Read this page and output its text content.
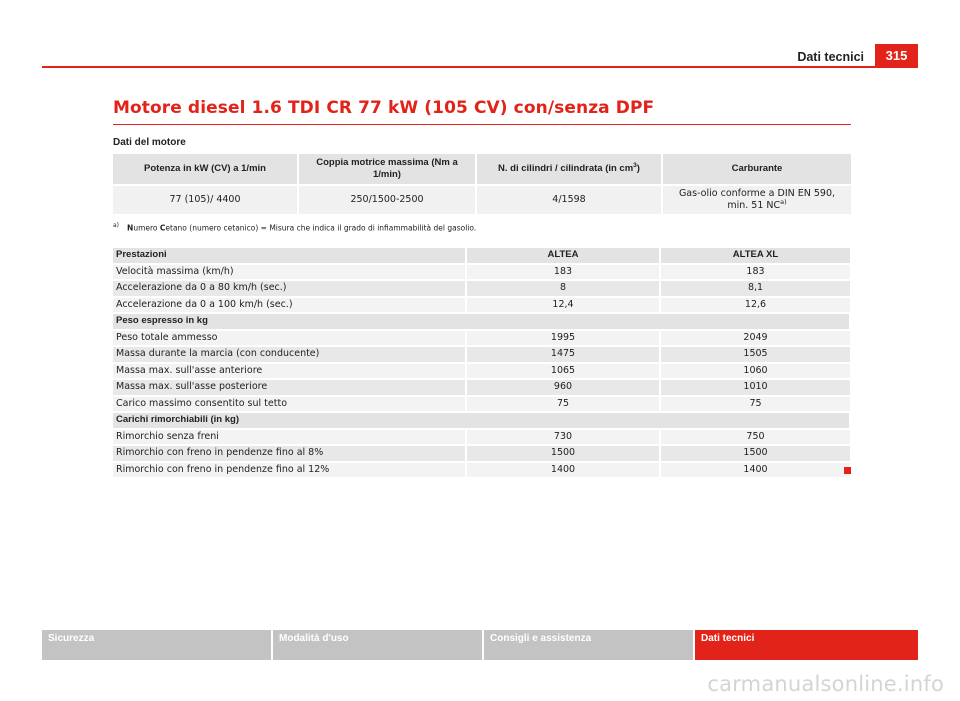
Dati tecnici	315
Motore diesel 1.6 TDI CR 77 kW (105 CV) con/senza DPF
Dati del motore
Potenza in kW (CV) a 1/min	Coppia motrice massima (Nm a 1/min)	N. di cilindri / cilindrata (in $cm^3$)	Carburante

77 (105)/ 4400	250/1500-2500	4/1598	Gas-olio conforme a DIN EN 590, min. 51 NC$^{a)}$
$^{a)}$ Numero Cetano (numero cetanico) = Misura che indica il grado di infiammabilità del gasolio.
Prestazioni	ALTEA	ALTEA XL
Velocità massima (km/h)	183	183
Accelerazione da 0 a 80 km/h (sec.)	8	8,1
Accelerazione da 0 a 100 km/h (sec.)	12,4	12,6
Peso espresso in kg		
Peso totale ammesso	1995	2049
Massa durante la marcia (con conducente)	1475	1505
Massa max. sull'asse anteriore	1065	1060
Massa max. sull'asse posteriore	960	1010
Carico massimo consentito sul tetto	75	75
Carichi rimorchiabili (in kg)		
Rimorchio senza freni	730	750
Rimorchio con freno in pendenze fino al 8%	1500	1500
Rimorchio con freno in pendenze fino al 12%	1400	1400
Sicurezza	Modalità d'uso	Consigli e assistenza	Dati tecnici
carmanualsonline.info
